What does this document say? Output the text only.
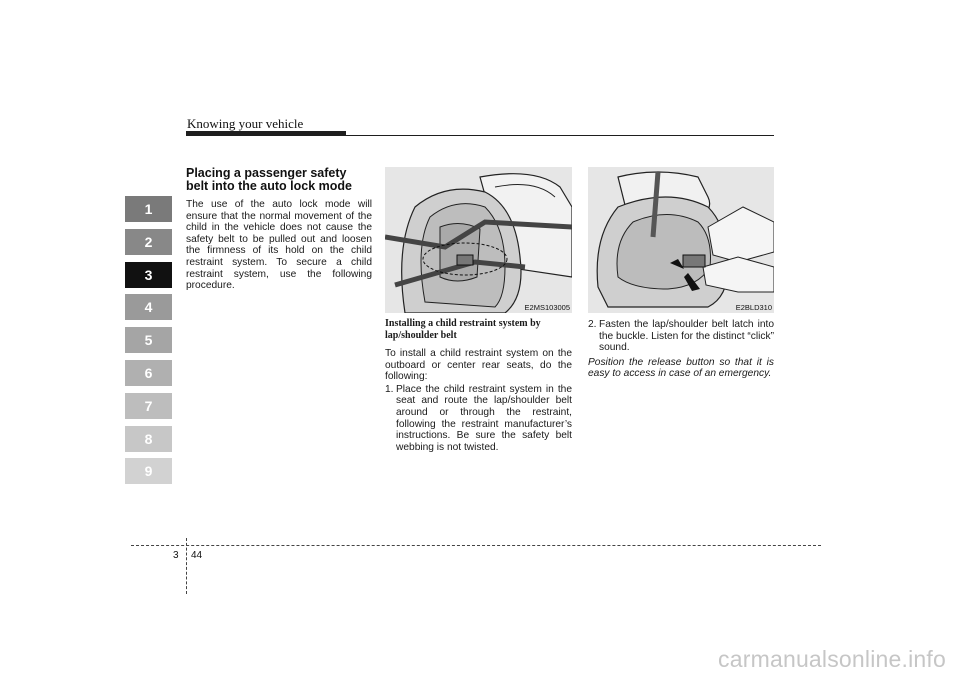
Knowing your vehicle
1
2
3
4
5
6
7
8
9
Placing a passenger safety belt into the auto lock mode

The use of the auto lock mode will ensure that the normal movement of the child in the vehicle does not cause the safety belt to be pulled out and loosen the firmness of its hold on the child restraint system. To secure a child restraint system, use the following procedure.

E2MS103005	E2BLD310
Installing a child restraint system by lap/shoulder belt

To install a child restraint system on the outboard or center rear seats, do the following:

1. Place the child restraint system in the seat and route the lap/shoulder belt around or through the restraint, following the restraint manufacturer’s instructions. Be sure the safety belt webbing is not twisted.
2. Fasten the lap/shoulder belt latch into the buckle. Listen for the distinct “click” sound.

Position the release button so that it is easy to access in case of an emergency.

3 44
carmanualsonline.info
